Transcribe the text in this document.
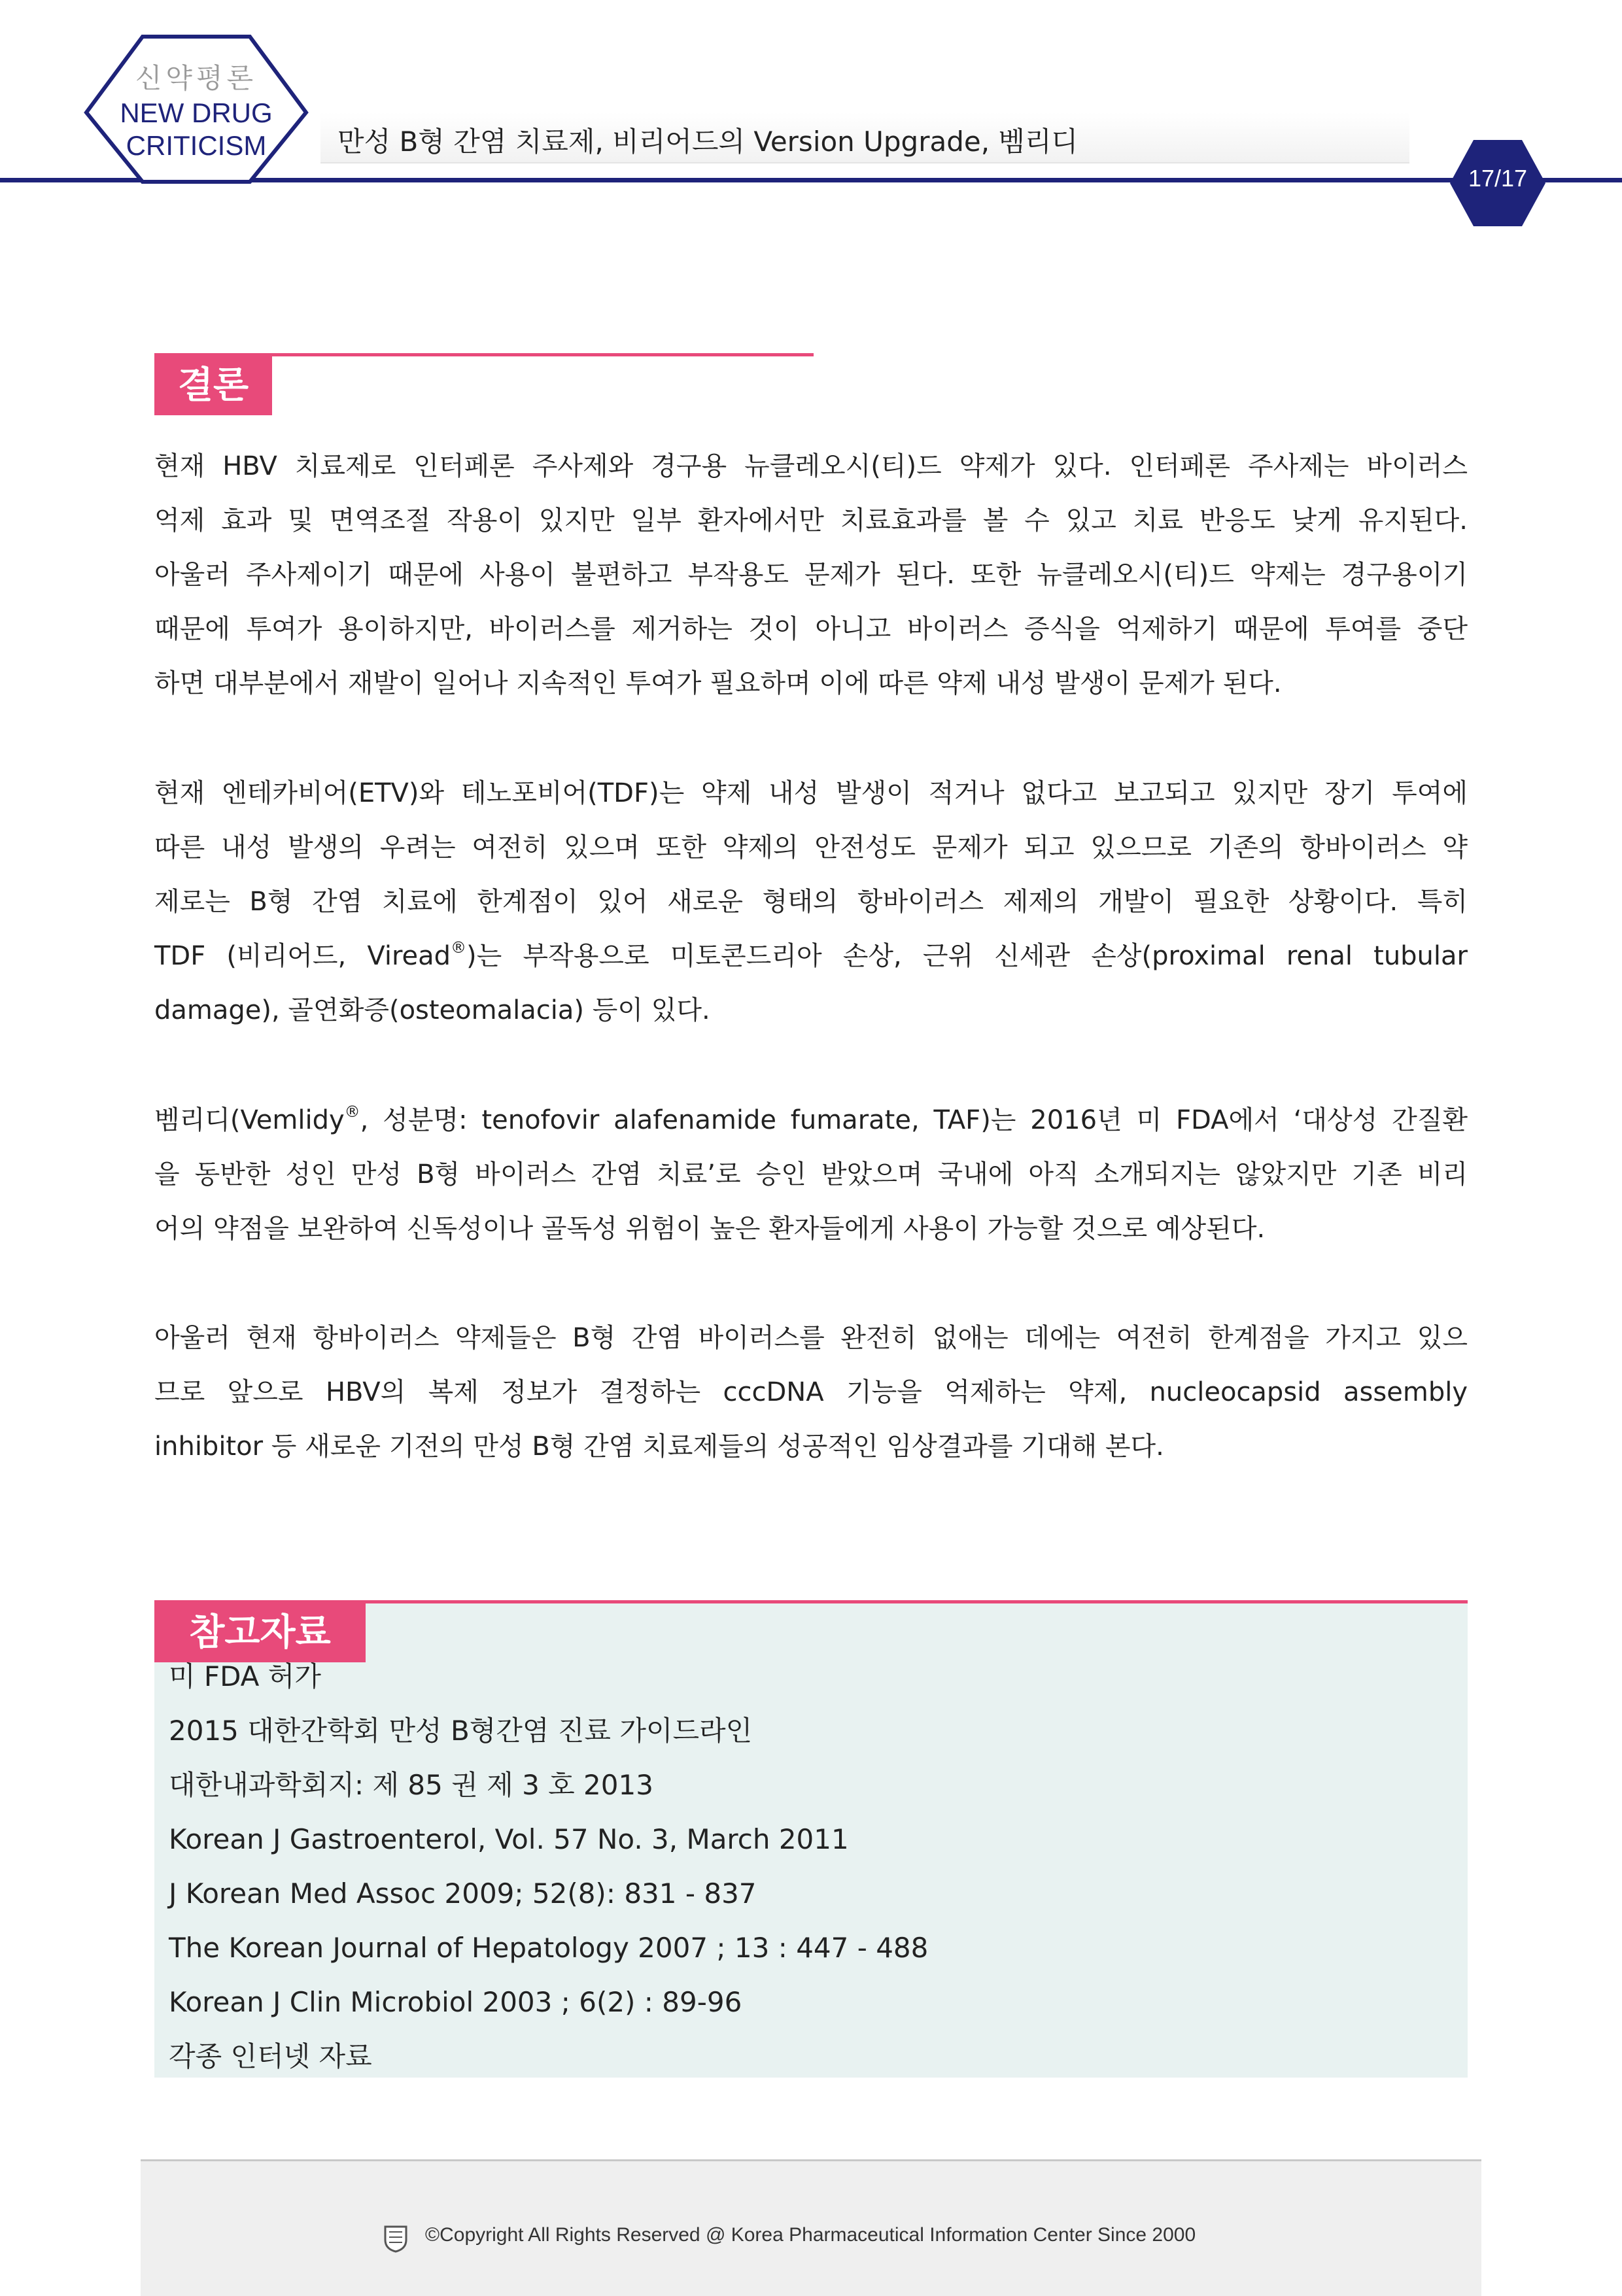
신약평론
NEW DRUG
CRITICISM	만성 B형 간염 치료제, 비리어드의 Version Upgrade, 벰리디
17/17
결론
현재 HBV 치료제로 인터페론 주사제와 경구용 뉴클레오시(티)드 약제가 있다. 인터페론 주사제는 바이러스
억제 효과 및 면역조절 작용이 있지만 일부 환자에서만 치료효과를 볼 수 있고 치료 반응도 낮게 유지된다.
아울러 주사제이기 때문에 사용이 불편하고 부작용도 문제가 된다. 또한 뉴클레오시(티)드 약제는 경구용이기
때문에 투여가 용이하지만, 바이러스를 제거하는 것이 아니고 바이러스 증식을 억제하기 때문에 투여를 중단
하면 대부분에서 재발이 일어나 지속적인 투여가 필요하며 이에 따른 약제 내성 발생이 문제가 된다.
현재 엔테카비어(ETV)와 테노포비어(TDF)는 약제 내성 발생이 적거나 없다고 보고되고 있지만 장기 투여에
따른 내성 발생의 우려는 여전히 있으며 또한 약제의 안전성도 문제가 되고 있으므로 기존의 항바이러스 약
제로는 B형 간염 치료에 한계점이 있어 새로운 형태의 항바이러스 제제의 개발이 필요한 상황이다. 특히
TDF (비리어드, Viread®)는 부작용으로 미토콘드리아 손상, 근위 신세관 손상(proximal renal tubular
damage), 골연화증(osteomalacia) 등이 있다.
벰리디(Vemlidy®, 성분명: tenofovir alafenamide fumarate, TAF)는 2016년 미 FDA에서 ‘대상성 간질환
을 동반한 성인 만성 B형 바이러스 간염 치료’로 승인 받았으며 국내에 아직 소개되지는 않았지만 기존 비리
어의 약점을 보완하여 신독성이나 골독성 위험이 높은 환자들에게 사용이 가능할 것으로 예상된다.
아울러 현재 항바이러스 약제들은 B형 간염 바이러스를 완전히 없애는 데에는 여전히 한계점을 가지고 있으
므로 앞으로 HBV의 복제 정보가 결정하는 cccDNA 기능을 억제하는 약제, nucleocapsid assembly
inhibitor 등 새로운 기전의 만성 B형 간염 치료제들의 성공적인 임상결과를 기대해 본다.
참고자료
미 FDA 허가
2015 대한간학회 만성 B형간염 진료 가이드라인
대한내과학회지: 제 85 권 제 3 호 2013
Korean J Gastroenterol, Vol. 57 No. 3, March 2011
J Korean Med Assoc 2009; 52(8): 831 - 837
The Korean Journal of Hepatology 2007 ; 13 : 447 - 488
Korean J Clin Microbiol 2003 ; 6(2) : 89-96
각종 인터넷 자료
©Copyright All Rights Reserved @ Korea Pharmaceutical Information Center Since 2000
